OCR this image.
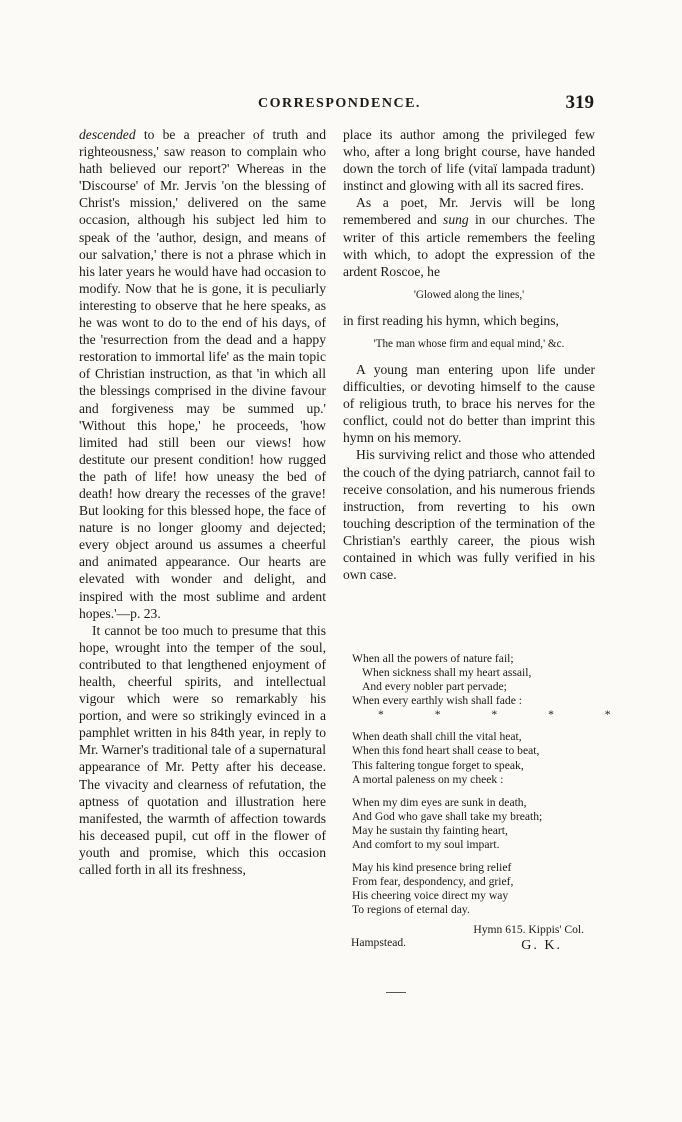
CORRESPONDENCE.	319

descended to be a preacher of truth and righteousness,' saw reason to complain who hath believed our report?' Whereas in the 'Discourse' of Mr. Jervis 'on the blessing of Christ's mission,' delivered on the same occasion, although his subject led him to speak of the 'author, design, and means of our salvation,' there is not a phrase which in his later years he would have had occasion to modify. Now that he is gone, it is peculiarly interesting to observe that he here speaks, as he was wont to do to the end of his days, of the 'resurrection from the dead and a happy restoration to immortal life' as the main topic of Christian instruction, as that 'in which all the blessings comprised in the divine favour and forgiveness may be summed up.' 'Without this hope,' he proceeds, 'how limited had still been our views! how destitute our present condition! how rugged the path of life! how uneasy the bed of death! how dreary the recesses of the grave! But looking for this blessed hope, the face of nature is no longer gloomy and dejected; every object around us assumes a cheerful and animated appearance. Our hearts are elevated with wonder and delight, and inspired with the most sublime and ardent hopes.'—p. 23.

It cannot be too much to presume that this hope, wrought into the temper of the soul, contributed to that lengthened enjoyment of health, cheerful spirits, and intellectual vigour which were so remarkably his portion, and were so strikingly evinced in a pamphlet written in his 84th year, in reply to Mr. Warner's traditional tale of a supernatural appearance of Mr. Petty after his decease. The vivacity and clearness of refutation, the aptness of quotation and illustration here manifested, the warmth of affection towards his deceased pupil, cut off in the flower of youth and promise, which this occasion called forth in all its freshness,

place its author among the privileged few who, after a long bright course, have handed down the torch of life (vitaï lampada tradunt) instinct and glowing with all its sacred fires.

As a poet, Mr. Jervis will be long remembered and sung in our churches. The writer of this article remembers the feeling with which, to adopt the expression of the ardent Roscoe, he

'Glowed along the lines,'

in first reading his hymn, which begins,

'The man whose firm and equal mind,' &c.

A young man entering upon life under difficulties, or devoting himself to the cause of religious truth, to brace his nerves for the conflict, could not do better than imprint this hymn on his memory.

His surviving relict and those who attended the couch of the dying patriarch, cannot fail to receive consolation, and his numerous friends instruction, from reverting to his own touching description of the termination of the Christian's earthly career, the pious wish contained in which was fully verified in his own case.

When all the powers of nature fail;
When sickness shall my heart assail,
And every nobler part pervade;
When every earthly wish shall fade :
* * * * *
When death shall chill the vital heat,
When this fond heart shall cease to beat,
This faltering tongue forget to speak,
A mortal paleness on my cheek :
When my dim eyes are sunk in death,
And God who gave shall take my breath;
May he sustain thy fainting heart,
And comfort to my soul impart.
May his kind presence bring relief
From fear, despondency, and grief,
His cheering voice direct my way
To regions of eternal day.
Hymn 615. Kippis' Col.
G. K.
Hampstead.
